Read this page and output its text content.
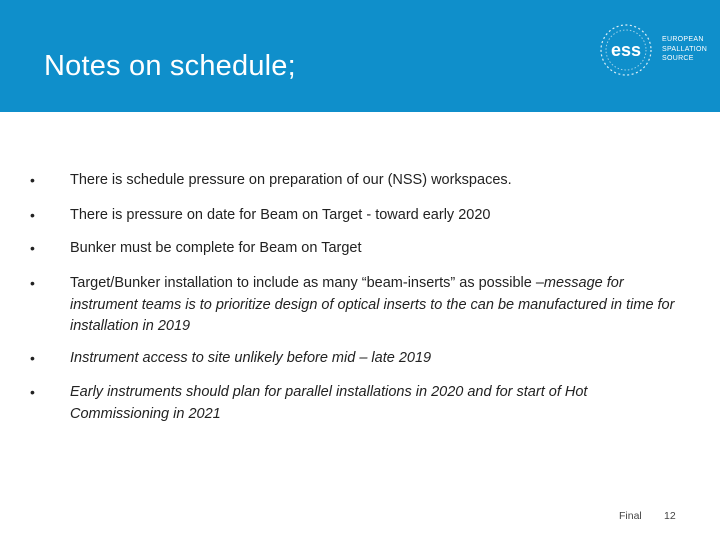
Notes on schedule;	ess
EUROPEAN
SPALLATION
SOURCE
• There is schedule pressure on preparation of our (NSS) workspaces.
• There is pressure on date for Beam on Target - toward early 2020
• Bunker must be complete for Beam on Target
• Target/Bunker installation to include as many “beam-inserts” as possible –message for instrument teams is to prioritize design of optical inserts to the can be manufactured in time for installation in 2019
• Instrument access to site unlikely before mid – late 2019
• Early instruments should plan for parallel installations in 2020 and for start of Hot Commissioning in 2021
Final 12
